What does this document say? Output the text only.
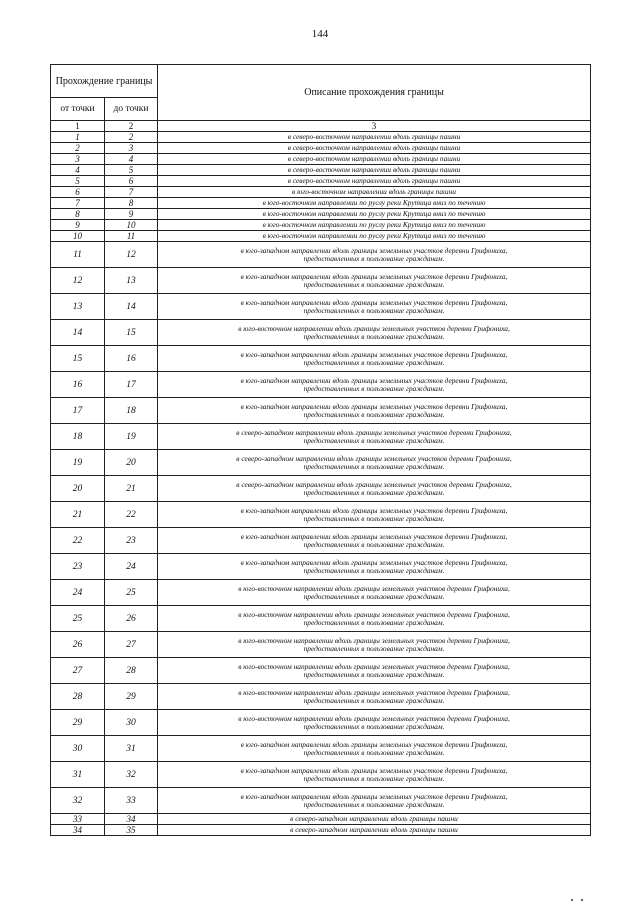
144
Прохождение границы		Описание прохождения границы
от точки	до точки	
1	2	3
1	2	в северо-восточном направлении вдоль границы пашни

2	3	в северо-восточном направлении вдоль границы пашни

3	4	в северо-восточном направлении вдоль границы пашни

4	5	в северо-восточном направлении вдоль границы пашни

5	6	в северо-восточном направлении вдоль границы пашни

6	7	в юго-восточном направлении вдоль границы пашни

7	8	в юго-восточном направлении по руслу реки Крутица вниз по течению

8	9	в юго-восточном направлении по руслу реки Крутица вниз по течению

9	10	в юго-восточном направлении по руслу реки Крутица вниз по течению

10	11	в юго-восточном направлении по руслу реки Крутица вниз по течению

11	12	в юго-западном направлении вдоль границы земельных участков деревни Грифониха,
предоставленных в пользование гражданам.

12	13	в юго-западном направлении вдоль границы земельных участков деревни Грифониха,
предоставленных в пользование гражданам.

13	14	в юго-западном направлении вдоль границы земельных участков деревни Грифониха,
предоставленных в пользование гражданам.

14	15	в юго-восточном направлении вдоль границы земельных участков деревни Грифониха,
предоставленных в пользование гражданам.

15	16	в юго-западном направлении вдоль границы земельных участков деревни Грифониха,
предоставленных в пользование гражданам.

16	17	в юго-западном направлении вдоль границы земельных участков деревни Грифониха,
предоставленных в пользование гражданам.

17	18	в юго-западном направлении вдоль границы земельных участков деревни Грифониха,
предоставленных в пользование гражданам.

18	19	в северо-западном направлении вдоль границы земельных участков деревни Грифониха,
предоставленных в пользование гражданам.

19	20	в северо-западном направлении вдоль границы земельных участков деревни Грифониха,
предоставленных в пользование гражданам.

20	21	в северо-западном направлении вдоль границы земельных участков деревни Грифониха,
предоставленных в пользование гражданам.

21	22	в юго-западном направлении вдоль границы земельных участков деревни Грифониха,
предоставленных в пользование гражданам.

22	23	в юго-западном направлении вдоль границы земельных участков деревни Грифониха,
предоставленных в пользование гражданам.

23	24	в юго-западном направлении вдоль границы земельных участков деревни Грифониха,
предоставленных в пользование гражданам.

24	25	в юго-восточном направлении вдоль границы земельных участков деревни Грифониха,
предоставленных в пользование гражданам.

25	26	в юго-восточном направлении вдоль границы земельных участков деревни Грифониха,
предоставленных в пользование гражданам.

26	27	в юго-восточном направлении вдоль границы земельных участков деревни Грифониха,
предоставленных в пользование гражданам.

27	28	в юго-восточном направлении вдоль границы земельных участков деревни Грифониха,
предоставленных в пользование гражданам.

28	29	в юго-восточном направлении вдоль границы земельных участков деревни Грифониха,
предоставленных в пользование гражданам.

29	30	в юго-восточном направлении вдоль границы земельных участков деревни Грифониха,
предоставленных в пользование гражданам.

30	31	в юго-западном направлении вдоль границы земельных участков деревни Грифониха,
предоставленных в пользование гражданам.

31	32	в юго-западном направлении вдоль границы земельных участков деревни Грифониха,
предоставленных в пользование гражданам.

32	33	в юго-западном направлении вдоль границы земельных участков деревни Грифониха,
предоставленных в пользование гражданам.

33	34	в северо-западном направлении вдоль границы пашни

34	35	в северо-западном направлении вдоль границы пашни
